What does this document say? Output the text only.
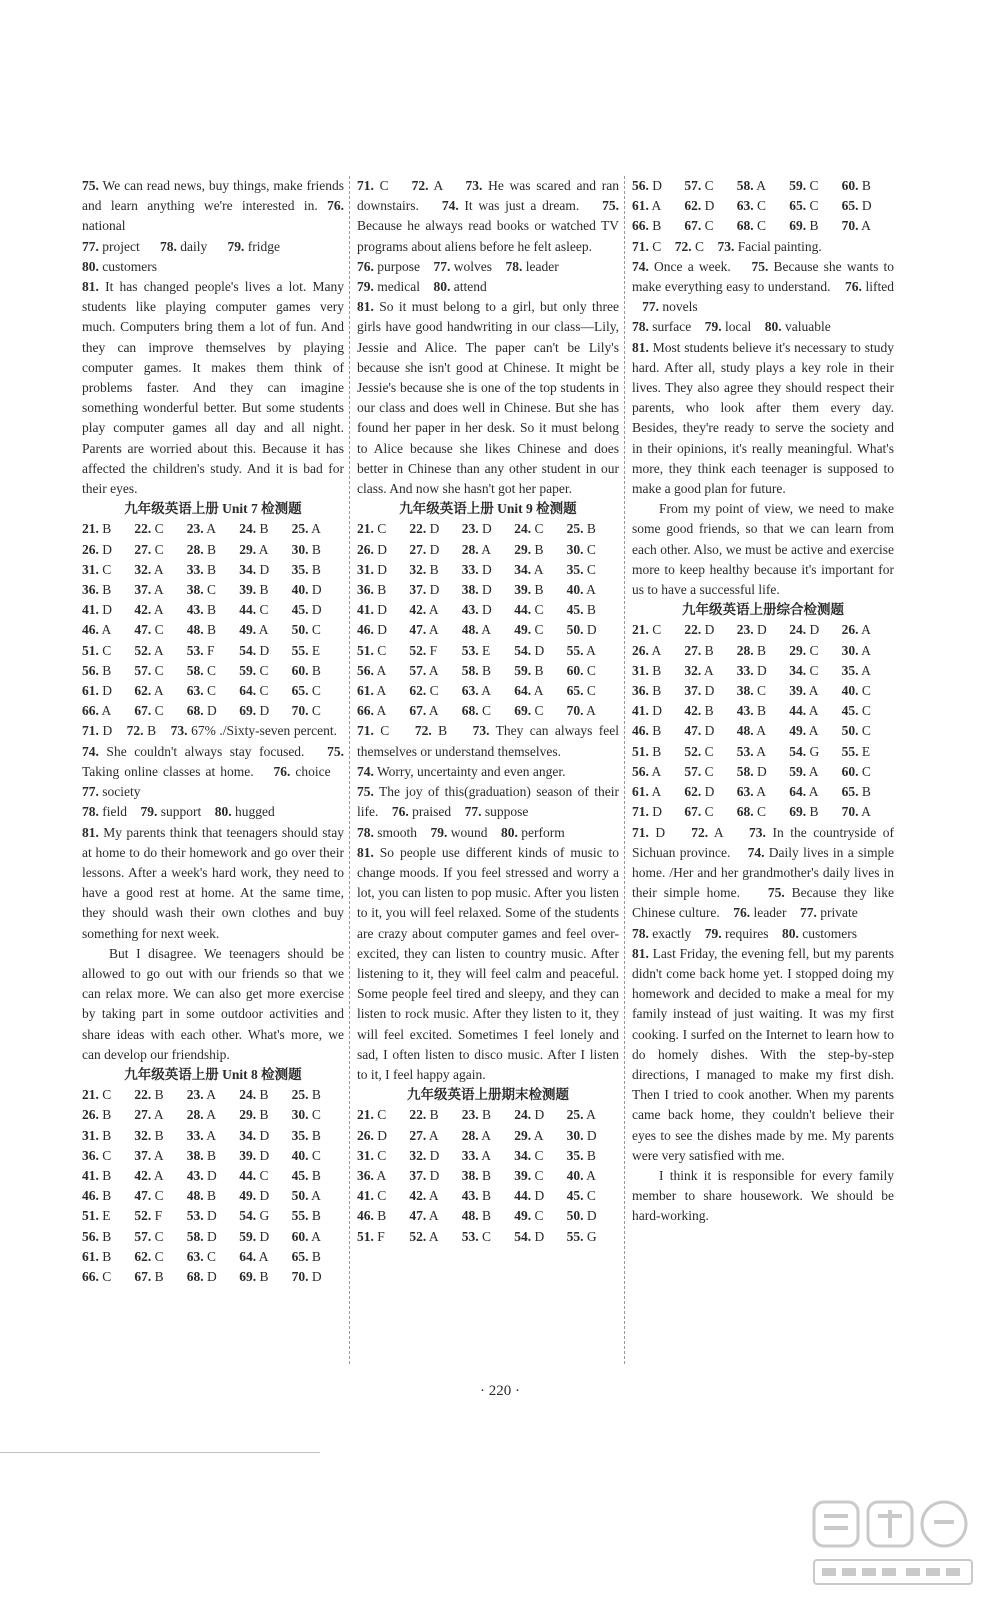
75. We can read news, buy things, make friends and learn anything we're interested in. 76. national
77. project      78. daily      79. fridge
80. customers
81. It has changed people's lives a lot. Many students like playing computer games very much. Computers bring them a lot of fun. And they can improve themselves by playing computer games. It makes them think of problems faster. And they can imagine something wonderful better. But some students play computer games all day and all night. Parents are worried about this. Because it has affected the children's study. And it is bad for their eyes.
九年级英语上册 Unit 7 检测题
21. B	22. C	23. A	24. B	25. A
26. D	27. C	28. B	29. A	30. B
31. C	32. A	33. B	34. D	35. B
36. B	37. A	38. C	39. B	40. D
41. D	42. A	43. B	44. C	45. D
46. A	47. C	48. B	49. A	50. C
51. C	52. A	53. F	54. D	55. E
56. B	57. C	58. C	59. C	60. B
61. D	62. A	63. C	64. C	65. C
66. A	67. C	68. D	69. D	70. C
71. D    72. B    73. 67% ./Sixty-seven percent.   74. She couldn't always stay focused.   75. Taking online classes at home.    76. choice    77. society
78. field    79. support    80. hugged
81. My parents think that teenagers should stay at home to do their homework and go over their lessons. After a week's hard work, they need to have a good rest at home. At the same time, they should wash their own clothes and buy something for next week.
But I disagree. We teenagers should be allowed to go out with our friends so that we can relax more. We can also get more exercise by taking part in some outdoor activities and share ideas with each other. What's more, we can develop our friendship.
九年级英语上册 Unit 8 检测题
21. C	22. B	23. A	24. B	25. B
26. B	27. A	28. A	29. B	30. C
31. B	32. B	33. A	34. D	35. B
36. C	37. A	38. B	39. D	40. C
41. B	42. A	43. D	44. C	45. B
46. B	47. C	48. B	49. D	50. A
51. E	52. F	53. D	54. G	55. B
56. B	57. C	58. D	59. D	60. A
61. B	62. C	63. C	64. A	65. B
66. C	67. B	68. D	69. B	70. D
71. C    72. A    73. He was scared and ran downstairs.    74. It was just a dream.    75. Because he always read books or watched TV programs about aliens before he felt asleep.
76. purpose    77. wolves    78. leader
79. medical    80. attend
81. So it must belong to a girl, but only three girls have good handwriting in our class—Lily, Jessie and Alice. The paper can't be Lily's because she isn't good at Chinese. It might be Jessie's because she is one of the top students in our class and does well in Chinese. But she has found her paper in her desk. So it must belong to Alice because she likes Chinese and does better in Chinese than any other student in our class. And now she hasn't got her paper.
九年级英语上册 Unit 9 检测题
21. C	22. D	23. D	24. C	25. B
26. D	27. D	28. A	29. B	30. C
31. D	32. B	33. D	34. A	35. C
36. B	37. D	38. D	39. B	40. A
41. D	42. A	43. D	44. C	45. B
46. D	47. A	48. A	49. C	50. D
51. C	52. F	53. E	54. D	55. A
56. A	57. A	58. B	59. B	60. C
61. A	62. C	63. A	64. A	65. C
66. A	67. A	68. C	69. C	70. A
71. C    72. B    73. They can always feel themselves or understand themselves.
74. Worry, uncertainty and even anger.
75. The joy of this(graduation) season of their life.    76. praised    77. suppose
78. smooth    79. wound    80. perform
81. So people use different kinds of music to change moods. If you feel stressed and worry a lot, you can listen to pop music. After you listen to it, you will feel relaxed. Some of the students are crazy about computer games and feel over-excited, they can listen to country music. After listening to it, they will feel calm and peaceful. Some people feel tired and sleepy, and they can listen to rock music. After they listen to it, they will feel excited. Sometimes I feel lonely and sad, I often listen to disco music. After I listen to it, I feel happy again.
九年级英语上册期末检测题
21. C	22. B	23. B	24. D	25. A
26. D	27. A	28. A	29. A	30. D
31. C	32. D	33. A	34. C	35. B
36. A	37. D	38. B	39. C	40. A
41. C	42. A	43. B	44. D	45. C
46. B	47. A	48. B	49. C	50. D
51. F	52. A	53. C	54. D	55. G
56. D	57. C	58. A	59. C	60. B
61. A	62. D	63. C	65. C	65. D
66. B	67. C	68. C	69. B	70. A
71. C    72. C    73. Facial painting.
74. Once a week.    75. Because she wants to make everything easy to understand.    76. lifted    77. novels
78. surface    79. local    80. valuable
81. Most students believe it's necessary to study hard. After all, study plays a key role in their lives. They also agree they should respect their parents, who look after them every day. Besides, they're ready to serve the society and in their opinions, it's really meaningful. What's more, they think each teenager is supposed to make a good plan for future.
From my point of view, we need to make some good friends, so that we can learn from each other. Also, we must be active and exercise more to keep healthy because it's important for us to have a successful life.
九年级英语上册综合检测题
21. C	22. D	23. D	24. D	26. A
26. A	27. B	28. B	29. C	30. A
31. B	32. A	33. D	34. C	35. A
36. B	37. D	38. C	39. A	40. C
41. D	42. B	43. B	44. A	45. C
46. B	47. D	48. A	49. A	50. C
51. B	52. C	53. A	54. G	55. E
56. A	57. C	58. D	59. A	60. C
61. A	62. D	63. A	64. A	65. B
71. D	67. C	68. C	69. B	70. A
71. D    72. A    73. In the countryside of Sichuan province.    74. Daily lives in a simple home. /Her and her grandmother's daily lives in their simple home.    75. Because they like Chinese culture.    76. leader    77. private
78. exactly    79. requires    80. customers
81. Last Friday, the evening fell, but my parents didn't come back home yet. I stopped doing my homework and decided to make a meal for my family instead of just waiting. It was my first cooking. I surfed on the Internet to learn how to do homely dishes. With the step-by-step directions, I managed to make my first dish. Then I tried to cook another. When my parents came back home, they couldn't believe their eyes to see the dishes made by me. My parents were very satisfied with me.
I think it is responsible for every family member to share housework. We should be hard-working.
· 220 ·
